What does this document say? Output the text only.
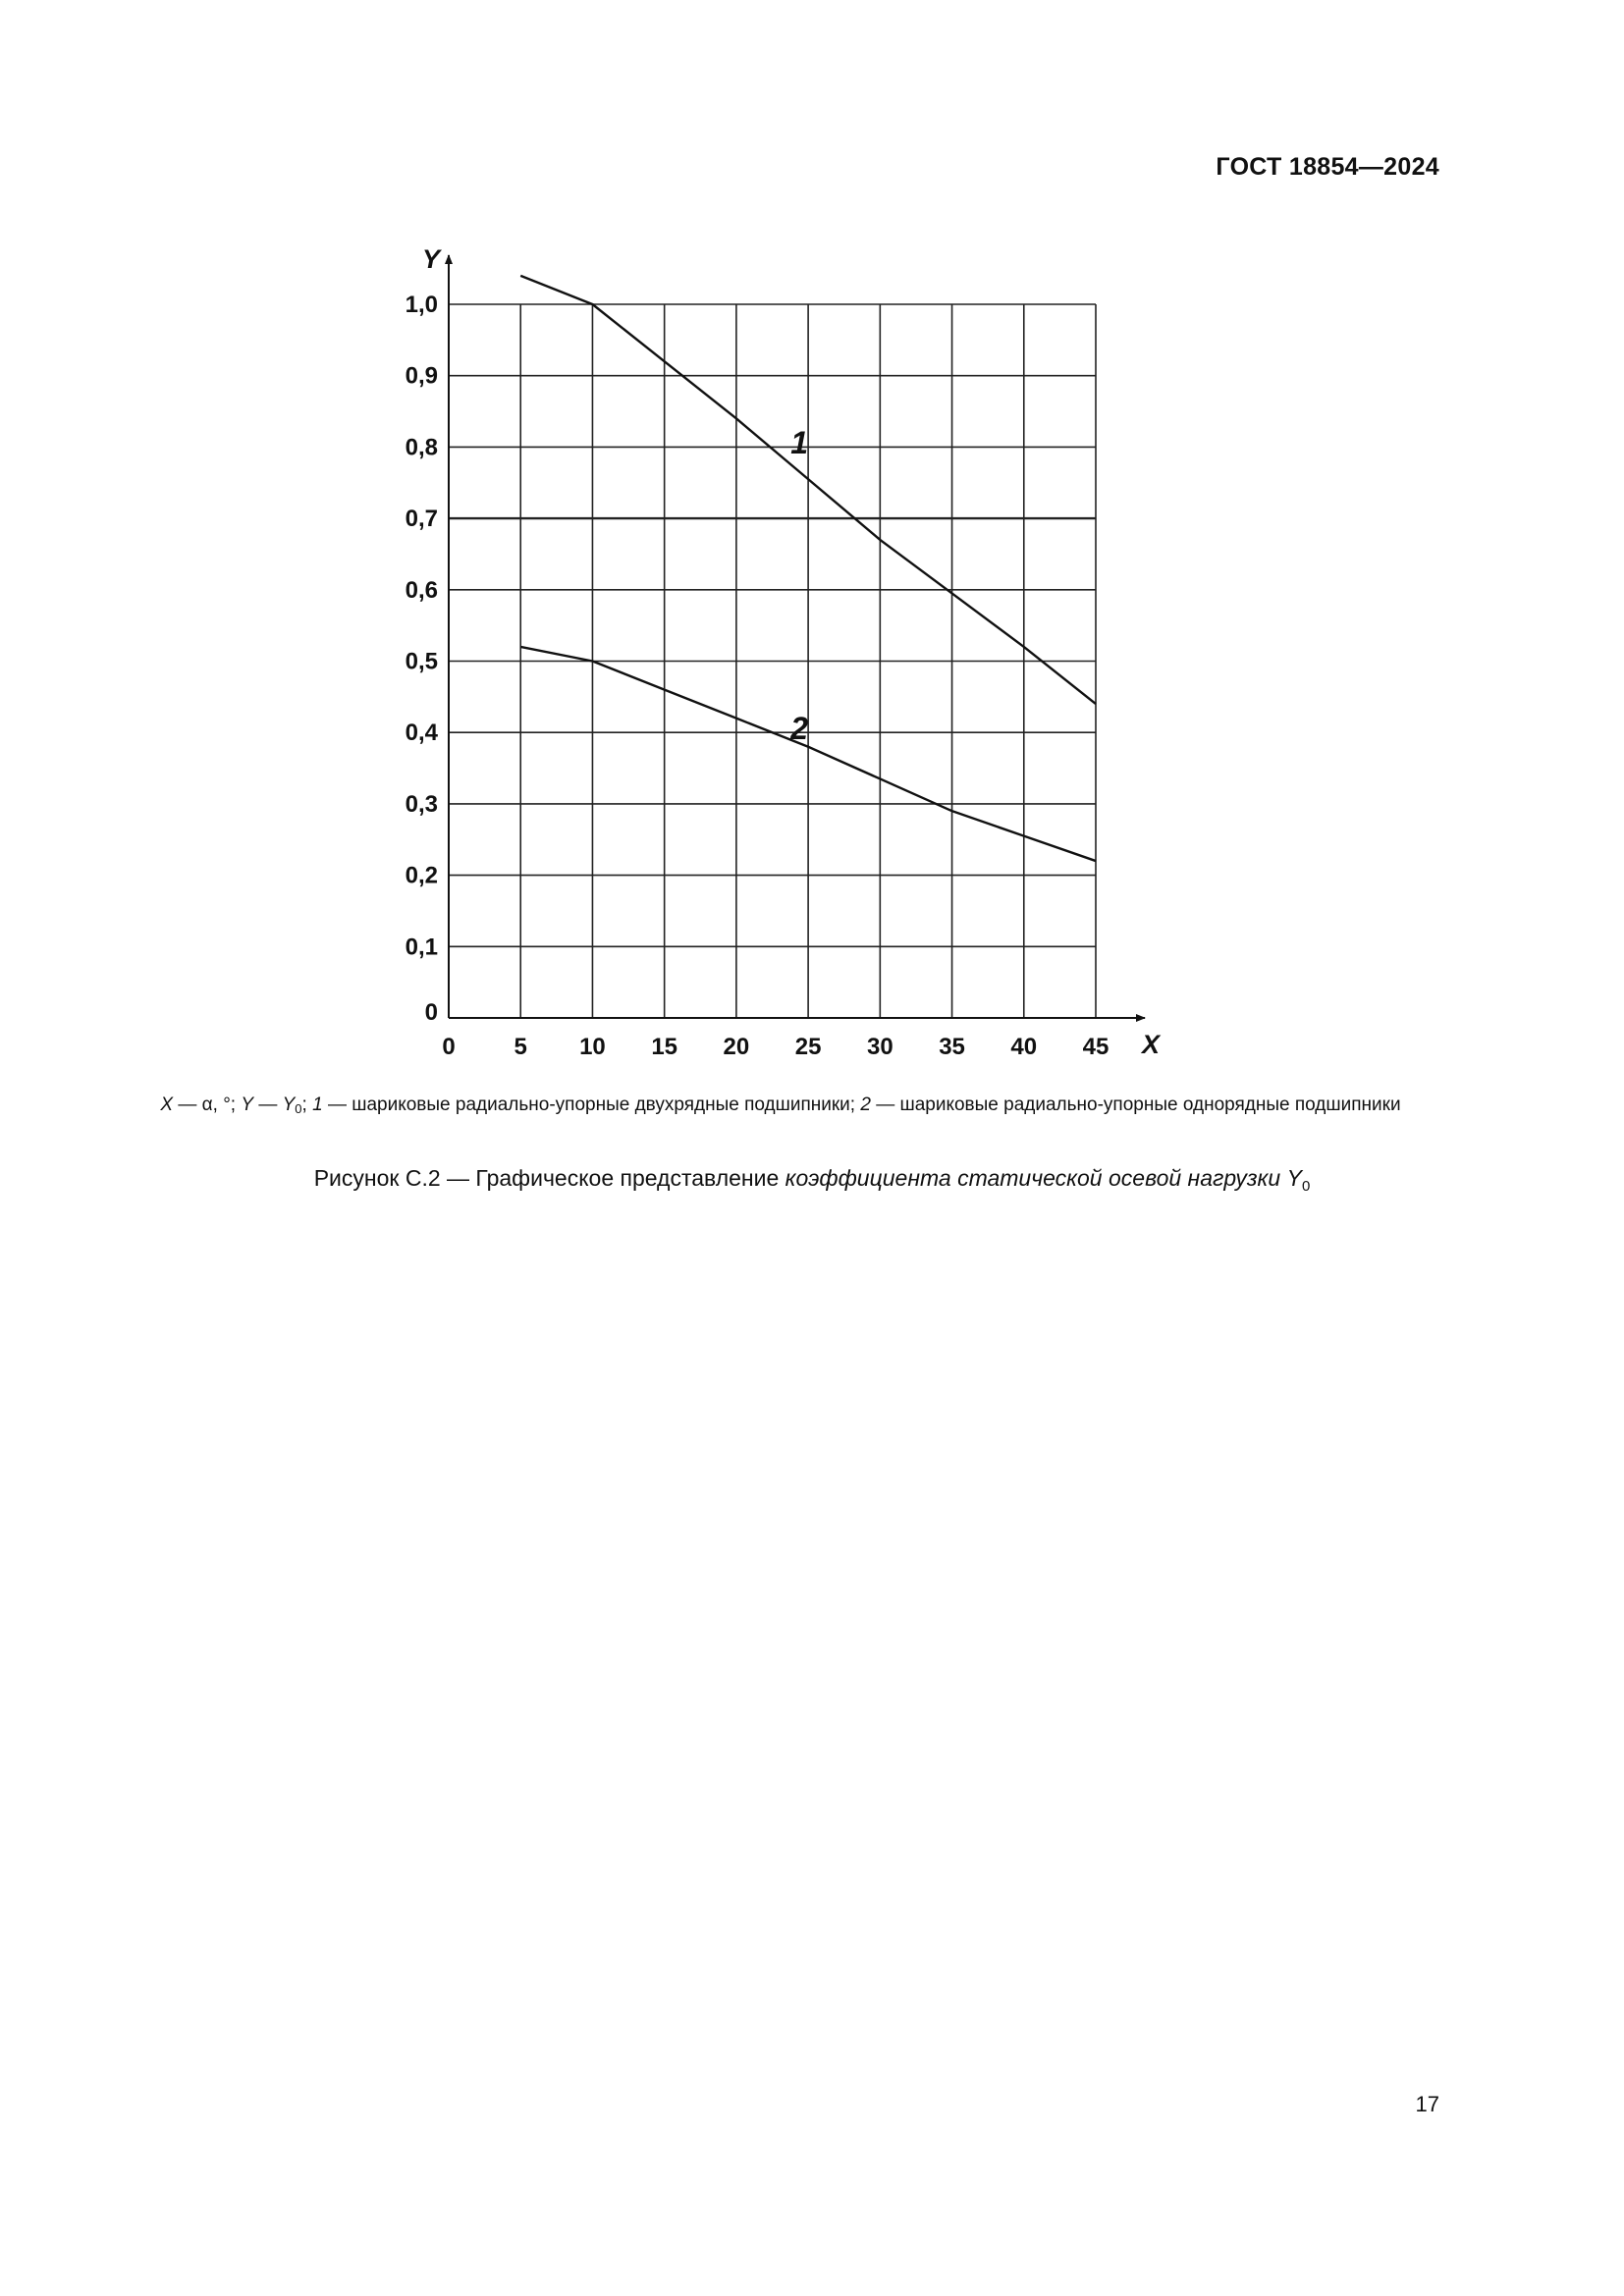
ГОСТ 18854—2024
Y
X
0 5 10 15 20 25 30 35 40 45
0
0,1
0,2
0,3
0,4
0,5
0,6
0,7
0,8
0,9
1,0
1
2
X — α, °; Y — $Y_0$; 1 — шариковые радиально-упорные двухрядные подшипники; 2 — шариковые радиально-упорные однорядные подшипники
Рисунок С.2 — Графическое представление коэффициента статической осевой нагрузки $Y_0$
17
